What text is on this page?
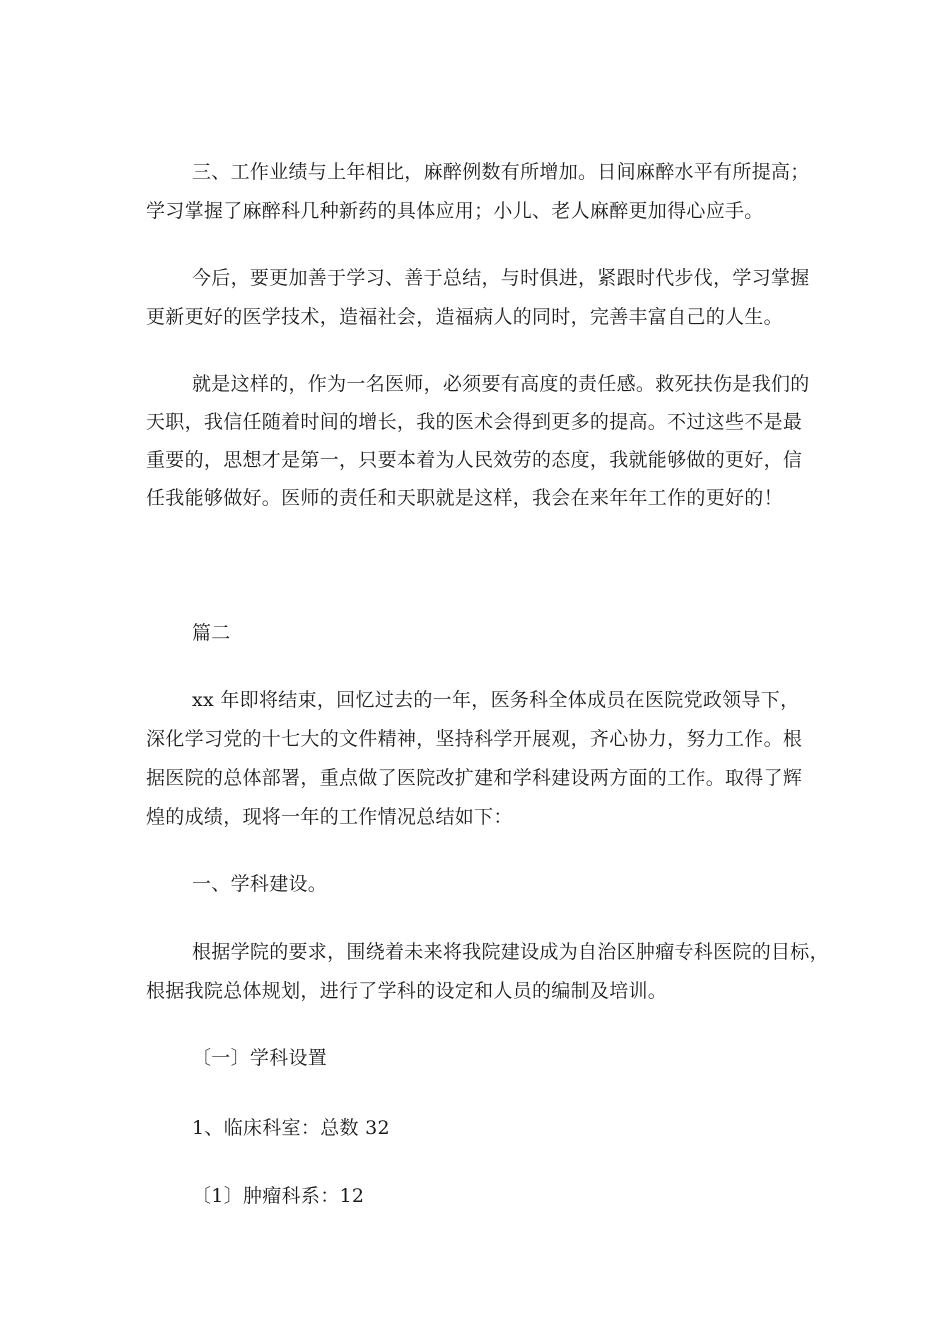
三、工作业绩与上年相比，麻醉例数有所增加。日间麻醉水平有所提高；
学习掌握了麻醉科几种新药的具体应用；小儿、老人麻醉更加得心应手。
今后，要更加善于学习、善于总结，与时俱进，紧跟时代步伐，学习掌握
更新更好的医学技术，造福社会，造福病人的同时，完善丰富自己的人生。
就是这样的，作为一名医师，必须要有高度的责任感。救死扶伤是我们的
天职，我信任随着时间的增长，我的医术会得到更多的提高。不过这些不是最
重要的，思想才是第一，只要本着为人民效劳的态度，我就能够做的更好，信
任我能够做好。医师的责任和天职就是这样，我会在来年年工作的更好的！
篇二
xx 年即将结束，回忆过去的一年，医务科全体成员在医院党政领导下，
深化学习党的十七大的文件精神，坚持科学开展观，齐心协力，努力工作。根
据医院的总体部署，重点做了医院改扩建和学科建设两方面的工作。取得了辉
煌的成绩，现将一年的工作情况总结如下：
一、学科建设。
根据学院的要求，围绕着未来将我院建设成为自治区肿瘤专科医院的目标，
根据我院总体规划，进行了学科的设定和人员的编制及培训。
〔一〕学科设置
1、临床科室：总数 32
〔1〕肿瘤科系：12
